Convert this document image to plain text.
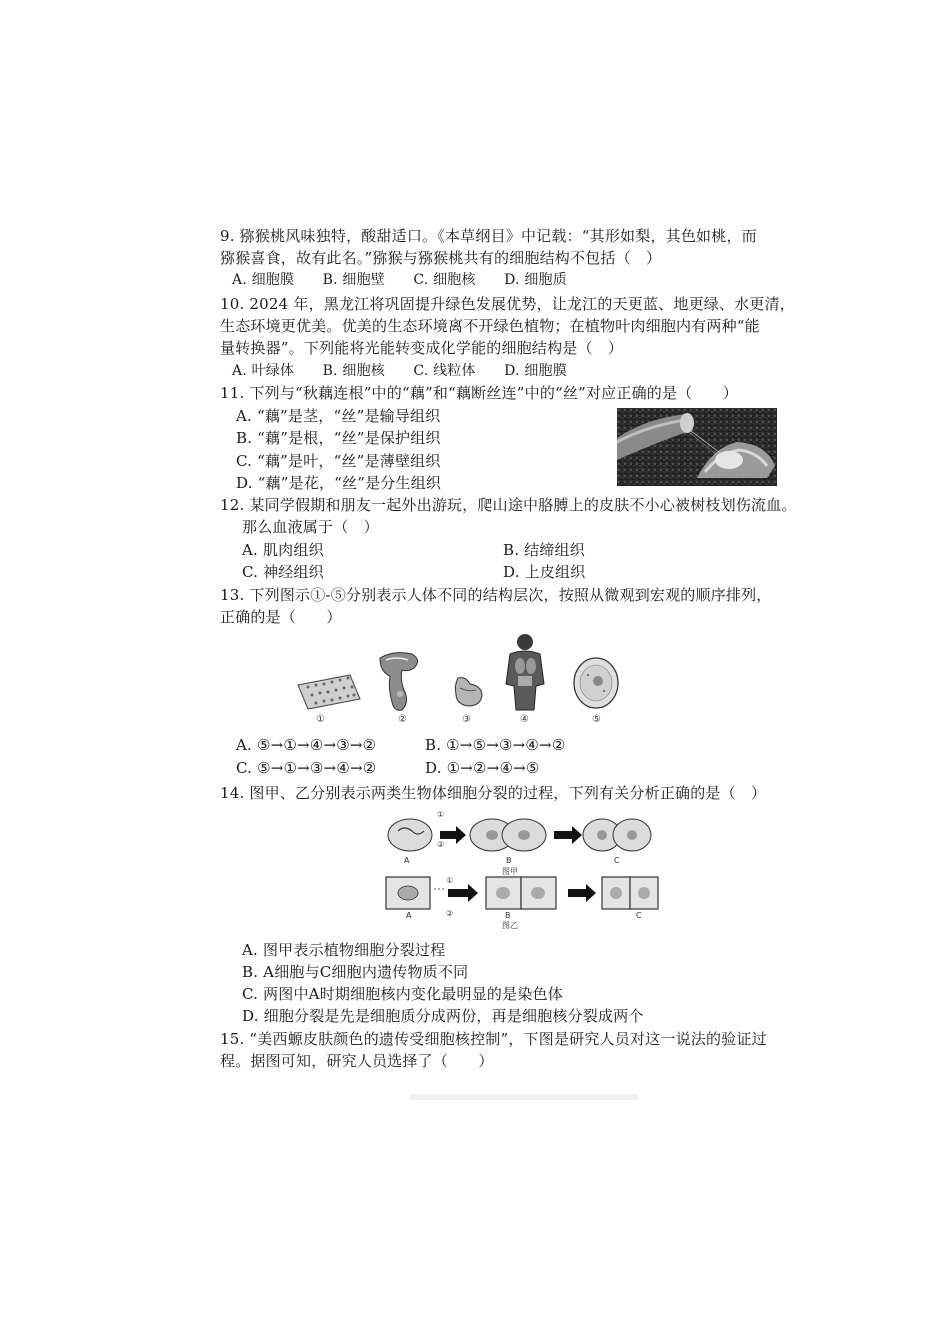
9. 猕猴桃风味独特，酸甜适口。《本草纲目》中记载：“其形如梨，其色如桃，而
猕猴喜食，故有此名。”猕猴与猕猴桃共有的细胞结构不包括（　）
A. 细胞膜　　B. 细胞壁　　C. 细胞核　　D. 细胞质
10. 2024 年，黑龙江将巩固提升绿色发展优势，让龙江的天更蓝、地更绿、水更清，
生态环境更优美。优美的生态环境离不开绿色植物；在植物叶肉细胞内有两种“能
量转换器”。下列能将光能转变成化学能的细胞结构是（　）
A. 叶绿体　　B. 细胞核　　C. 线粒体　　D. 细胞膜
11. 下列与“秋藕连根”中的“藕”和“藕断丝连”中的“丝”对应正确的是（　　）
A. “藕”是茎，“丝”是输导组织
B. “藕”是根，“丝”是保护组织
C. “藕”是叶，“丝”是薄壁组织
D. “藕”是花，“丝”是分生组织
12. 某同学假期和朋友一起外出游玩，爬山途中胳膊上的皮肤不小心被树枝划伤流血。
那么血液属于（　）
A. 肌肉组织	B. 结缔组织
C. 神经组织	D. 上皮组织
13. 下列图示①-⑤分别表示人体不同的结构层次，按照从微观到宏观的顺序排列，
正确的是（　　）
①	②	③	④	⑤
A. ⑤→①→④→③→②	B. ①→⑤→③→④→②
C. ⑤→①→③→④→②	D. ①→②→④→⑤
14. 图甲、乙分别表示两类生物体细胞分裂的过程，下列有关分析正确的是（　）
①
②
A	B	C
图甲
①
②
A	B	C
图乙
A. 图甲表示植物细胞分裂过程
B. A细胞与C细胞内遗传物质不同
C. 两图中A时期细胞核内变化最明显的是染色体
D. 细胞分裂是先是细胞质分成两份，再是细胞核分裂成两个
15. “美西螈皮肤颜色的遗传受细胞核控制”，下图是研究人员对这一说法的验证过
程。据图可知，研究人员选择了（　　）
